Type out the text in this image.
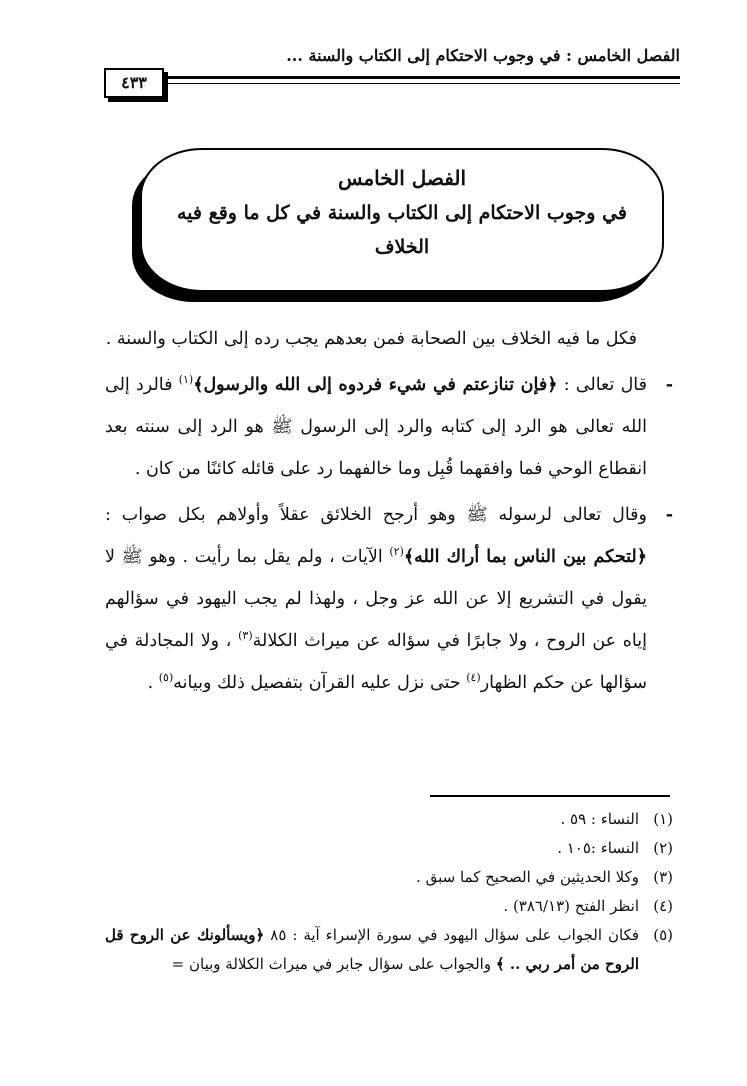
الفصل الخامس : في وجوب الاحتكام إلى الكتاب والسنة ...
٤٣٣
الفصل الخامس
في وجوب الاحتكام إلى الكتاب والسنة في كل ما وقع فيه الخلاف

فكل ما فيه الخلاف بين الصحابة فمن بعدهم يجب رده إلى الكتاب والسنة .

-
قال تعالى : ﴿فإن تنازعتم في شيء فردوه إلى الله والرسول﴾$^{(١)}$ فالرد إلى الله تعالى هو الرد إلى كتابه والرد إلى الرسول ﷺ هو الرد إلى سنته بعد انقطاع الوحي فما وافقهما قُبِل وما خالفهما رد على قائله كائنًا من كان .
-
وقال تعالى لرسوله ﷺ وهو أرجح الخلائق عقلاً وأولاهم بكل صواب : ﴿لتحكم بين الناس بما أراك الله﴾$^{(٢)}$ الآيات ، ولم يقل بما رأيت . وهو ﷺ لا يقول في التشريع إلا عن الله عز وجل ، ولهذا لم يجب اليهود في سؤالهم إياه عن الروح ، ولا جابرًا في سؤاله عن ميراث الكلالة$^{(٣)}$ ، ولا المجادلة في سؤالها عن حكم الظهار$^{(٤)}$ حتى نزل عليه القرآن بتفصيل ذلك وبيانه$^{(٥)}$ .
(١)
النساء : ٥٩ .
(٢)
النساء :١٠٥ .
(٣)
وكلا الحديثين في الصحيح كما سبق .
(٤)
انظر الفتح (٣٨٦/١٣) .
(٥)
فكان الجواب على سؤال اليهود في سورة الإسراء آية : ٨٥ ﴿ويسألونك عن الروح قل الروح من أمر ربي .. ﴾ والجواب على سؤال جابر في ميراث الكلالة وبيان =
